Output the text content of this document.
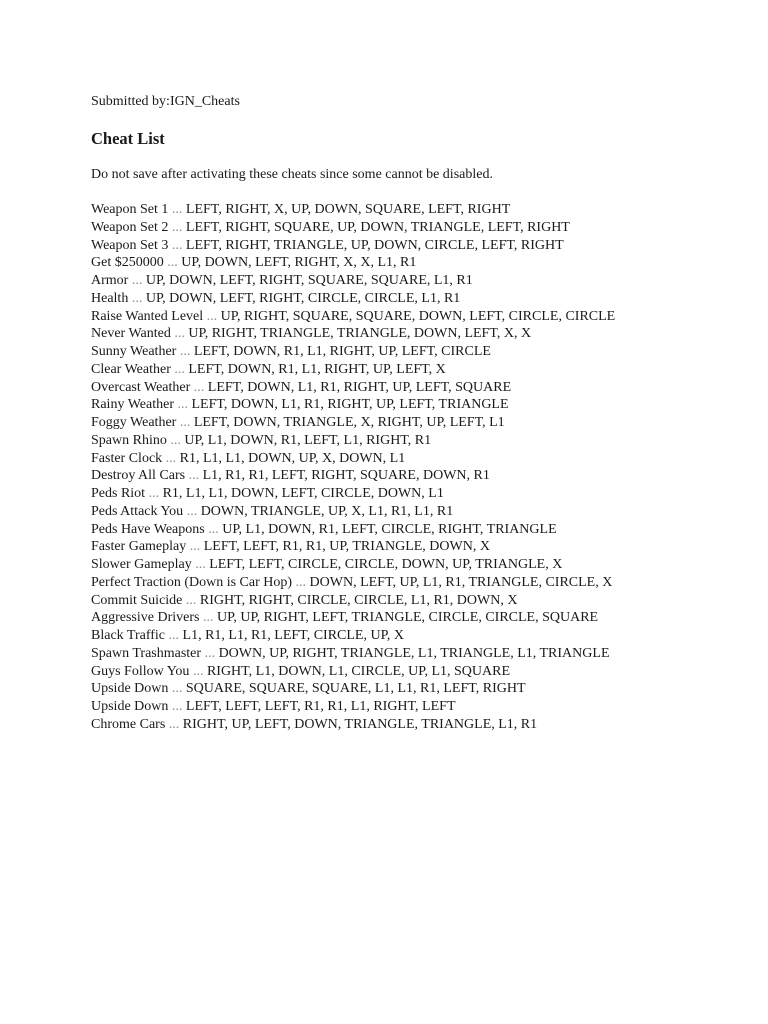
Submitted by:IGN_Cheats

Cheat List

Do not save after activating these cheats since some cannot be disabled.

Weapon Set 1 ... LEFT, RIGHT, X, UP, DOWN, SQUARE, LEFT, RIGHT
Weapon Set 2 ... LEFT, RIGHT, SQUARE, UP, DOWN, TRIANGLE, LEFT, RIGHT
Weapon Set 3 ... LEFT, RIGHT, TRIANGLE, UP, DOWN, CIRCLE, LEFT, RIGHT
Get $250000 ... UP, DOWN, LEFT, RIGHT, X, X, L1, R1
Armor ... UP, DOWN, LEFT, RIGHT, SQUARE, SQUARE, L1, R1
Health ... UP, DOWN, LEFT, RIGHT, CIRCLE, CIRCLE, L1, R1
Raise Wanted Level ... UP, RIGHT, SQUARE, SQUARE, DOWN, LEFT, CIRCLE, CIRCLE
Never Wanted ... UP, RIGHT, TRIANGLE, TRIANGLE, DOWN, LEFT, X, X
Sunny Weather ... LEFT, DOWN, R1, L1, RIGHT, UP, LEFT, CIRCLE
Clear Weather ... LEFT, DOWN, R1, L1, RIGHT, UP, LEFT, X
Overcast Weather ... LEFT, DOWN, L1, R1, RIGHT, UP, LEFT, SQUARE
Rainy Weather ... LEFT, DOWN, L1, R1, RIGHT, UP, LEFT, TRIANGLE
Foggy Weather ... LEFT, DOWN, TRIANGLE, X, RIGHT, UP, LEFT, L1
Spawn Rhino ... UP, L1, DOWN, R1, LEFT, L1, RIGHT, R1
Faster Clock ... R1, L1, L1, DOWN, UP, X, DOWN, L1
Destroy All Cars ... L1, R1, R1, LEFT, RIGHT, SQUARE, DOWN, R1
Peds Riot ... R1, L1, L1, DOWN, LEFT, CIRCLE, DOWN, L1
Peds Attack You ... DOWN, TRIANGLE, UP, X, L1, R1, L1, R1
Peds Have Weapons ... UP, L1, DOWN, R1, LEFT, CIRCLE, RIGHT, TRIANGLE
Faster Gameplay ... LEFT, LEFT, R1, R1, UP, TRIANGLE, DOWN, X
Slower Gameplay ... LEFT, LEFT, CIRCLE, CIRCLE, DOWN, UP, TRIANGLE, X
Perfect Traction (Down is Car Hop) ... DOWN, LEFT, UP, L1, R1, TRIANGLE, CIRCLE, X
Commit Suicide ... RIGHT, RIGHT, CIRCLE, CIRCLE, L1, R1, DOWN, X
Aggressive Drivers ... UP, UP, RIGHT, LEFT, TRIANGLE, CIRCLE, CIRCLE, SQUARE
Black Traffic ... L1, R1, L1, R1, LEFT, CIRCLE, UP, X
Spawn Trashmaster ... DOWN, UP, RIGHT, TRIANGLE, L1, TRIANGLE, L1, TRIANGLE
Guys Follow You ... RIGHT, L1, DOWN, L1, CIRCLE, UP, L1, SQUARE
Upside Down ... SQUARE, SQUARE, SQUARE, L1, L1, R1, LEFT, RIGHT
Upside Down ... LEFT, LEFT, LEFT, R1, R1, L1, RIGHT, LEFT
Chrome Cars ... RIGHT, UP, LEFT, DOWN, TRIANGLE, TRIANGLE, L1, R1
